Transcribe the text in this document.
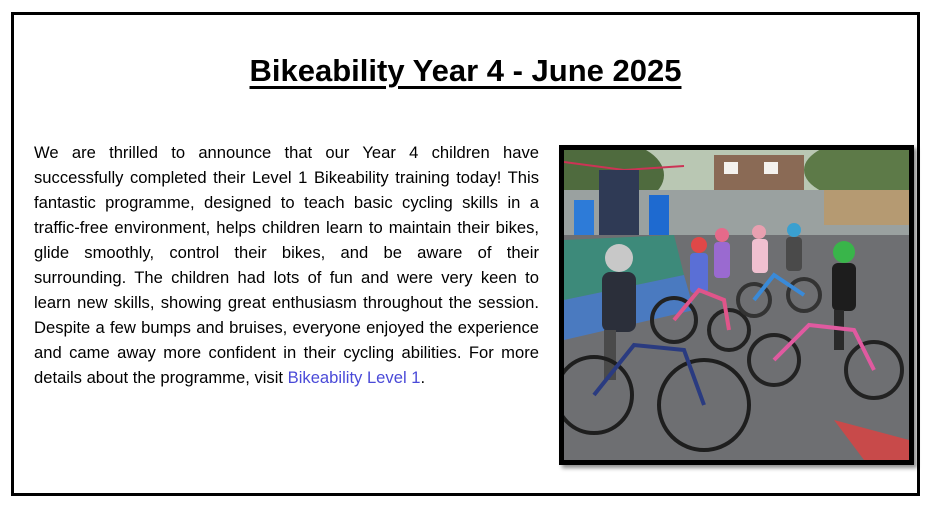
Bikeability Year 4 - June 2025

We are thrilled to announce that our Year 4 children have successfully completed their Level 1 Bikeability training today! This fantastic programme, designed to teach basic cycling skills in a traffic-free environment, helps children learn to maintain their bikes, glide smoothly, control their bikes, and be aware of their surrounding. The children had lots of fun and were very keen to learn new skills, showing great enthusiasm throughout the session. Despite a few bumps and bruises, everyone enjoyed the experience and came away more confident in their cycling abilities. For more details about the programme, visit Bikeability Level 1.
